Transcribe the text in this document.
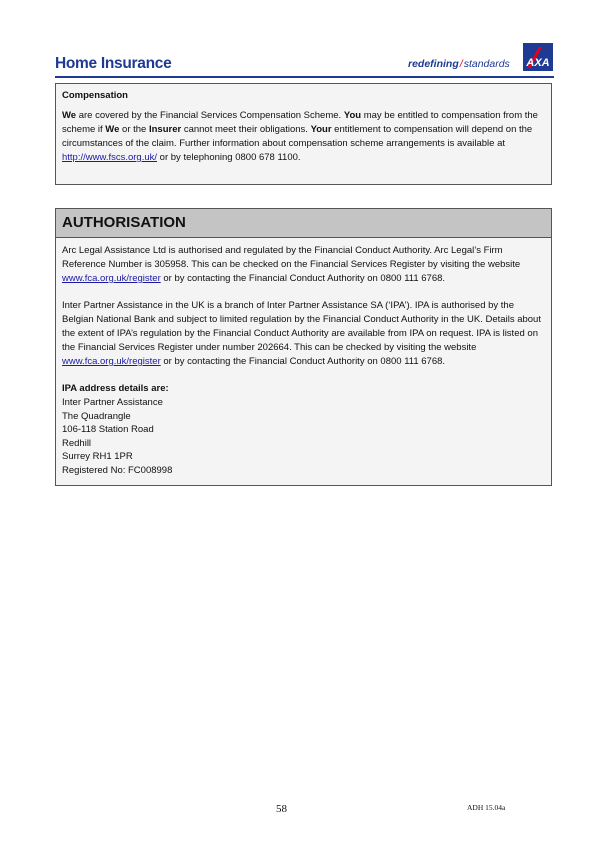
Home Insurance	redefining/standards AXA
Compensation

We are covered by the Financial Services Compensation Scheme. You may be entitled to compensation from the scheme if We or the Insurer cannot meet their obligations. Your entitlement to compensation will depend on the circumstances of the claim. Further information about compensation scheme arrangements is available at http://www.fscs.org.uk/ or by telephoning 0800 678 1100.

AUTHORISATION

Arc Legal Assistance Ltd is authorised and regulated by the Financial Conduct Authority. Arc Legal’s Firm Reference Number is 305958. This can be checked on the Financial Services Register by visiting the website www.fca.org.uk/register or by contacting the Financial Conduct Authority on 0800 111 6768.

Inter Partner Assistance in the UK is a branch of Inter Partner Assistance SA (‘IPA’). IPA is authorised by the Belgian National Bank and subject to limited regulation by the Financial Conduct Authority in the UK. Details about the extent of IPA’s regulation by the Financial Conduct Authority are available from IPA on request. IPA is listed on the Financial Services Register under number 202664. This can be checked by visiting the website www.fca.org.uk/register or by contacting the Financial Conduct Authority on 0800 111 6768.

IPA address details are:

Inter Partner Assistance

The Quadrangle

106-118 Station Road

Redhill

Surrey RH1 1PR

Registered No: FC008998

58	ADH 15.04a
